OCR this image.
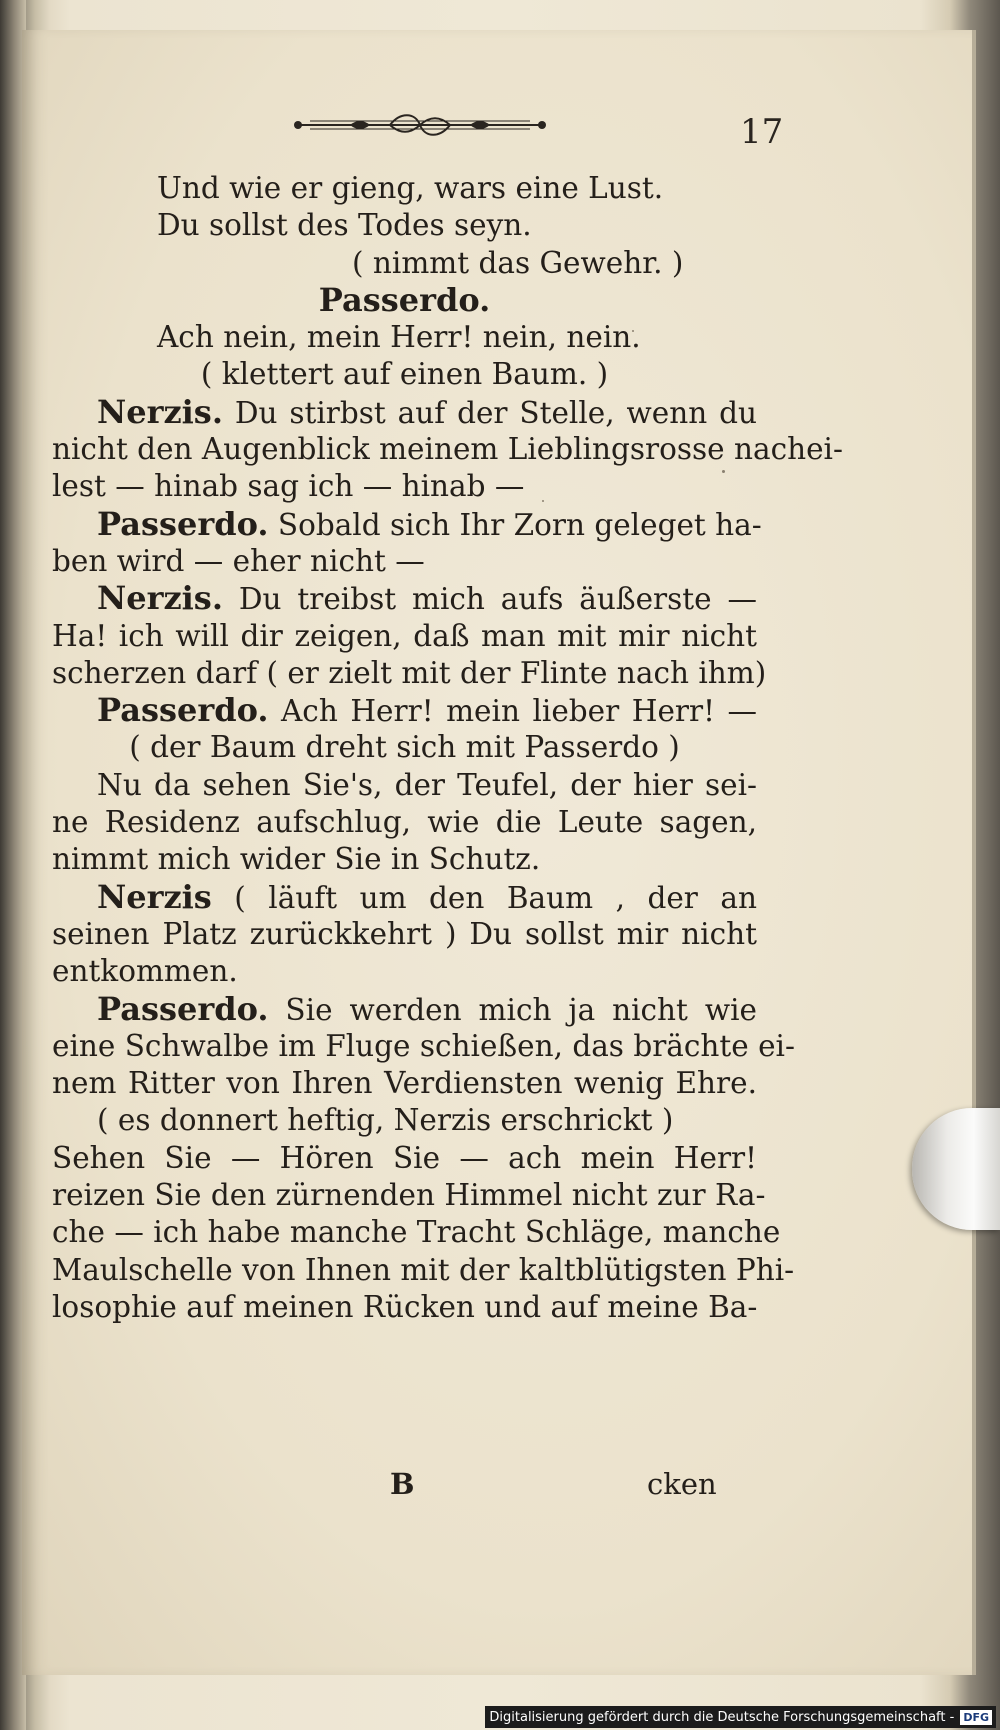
17
Und wie er gieng, wars eine Lust.
Du sollst des Todes seyn.
( nimmt das Gewehr. )
Passerdo.
Ach nein, mein Herr! nein, nein.
( klettert auf einen Baum. )
Nerzis. Du stirbst auf der Stelle, wenn du
nicht den Augenblick meinem Lieblingsrosse nachei-
lest — hinab sag ich — hinab —
Passerdo. Sobald sich Ihr Zorn geleget ha-
ben wird — eher nicht —
Nerzis. Du treibst mich aufs äußerste —
Ha! ich will dir zeigen, daß man mit mir nicht
scherzen darf ( er zielt mit der Flinte nach ihm)
Passerdo. Ach Herr! mein lieber Herr! —
( der Baum dreht sich mit Passerdo )
Nu da sehen Sie's, der Teufel, der hier sei-
ne Residenz aufschlug, wie die Leute sagen,
nimmt mich wider Sie in Schutz.
Nerzis ( läuft um den Baum , der an
seinen Platz zurückkehrt ) Du sollst mir nicht
entkommen.
Passerdo. Sie werden mich ja nicht wie
eine Schwalbe im Fluge schießen, das brächte ei-
nem Ritter von Ihren Verdiensten wenig Ehre.
( es donnert heftig, Nerzis erschrickt )
Sehen Sie — Hören Sie — ach mein Herr!
reizen Sie den zürnenden Himmel nicht zur Ra-
che — ich habe manche Tracht Schläge, manche
Maulschelle von Ihnen mit der kaltblütigsten Phi-
losophie auf meinen Rücken und auf meine Ba-
B	cken
Digitalisierung gefördert durch die Deutsche Forschungsgemeinschaft - DFG
